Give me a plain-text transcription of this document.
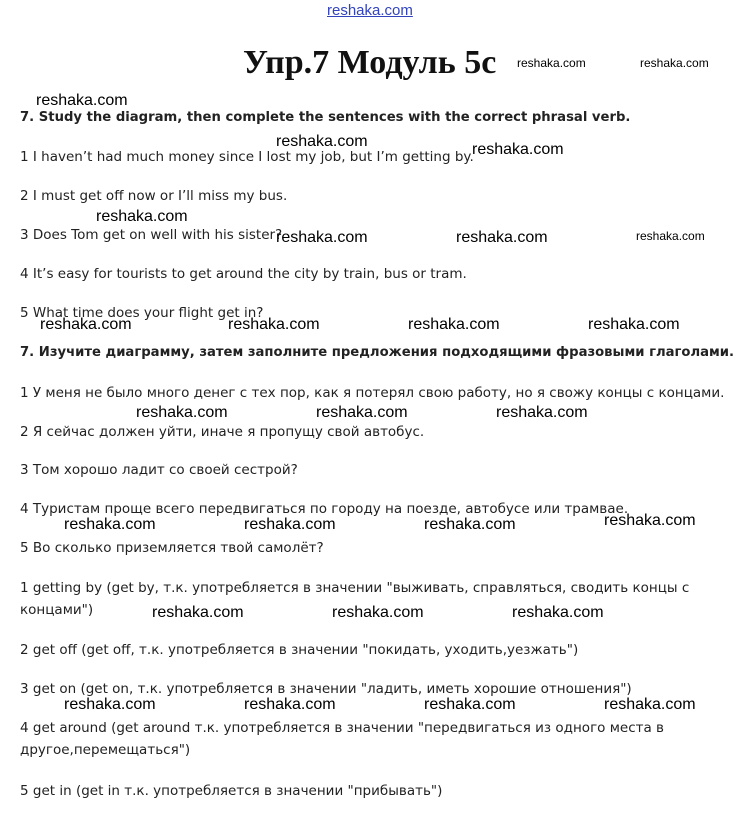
reshaka.com
Упр.7 Модуль 5с
7. Study the diagram, then complete the sentences with the correct phrasal verb.
1 I haven’t had much money since I lost my job, but I’m getting by.
2 I must get off now or I’ll miss my bus.
3 Does Tom get on well with his sister?
4 It’s easy for tourists to get around the city by train, bus or tram.
5 What time does your flight get in?
7. Изучите диаграмму, затем заполните предложения подходящими фразовыми глаголами.
1 У меня не было много денег с тех пор, как я потерял свою работу, но я свожу концы с концами.
2 Я сейчас должен уйти, иначе я пропущу свой автобус.
3 Том хорошо ладит со своей сестрой?
4 Туристам проще всего передвигаться по городу на поезде, автобусе или трамвае.
5 Во сколько приземляется твой самолёт?
1 getting by (get by, т.к. употребляется в значении "выживать, справляться, сводить концы с концами")
2 get off (get off, т.к. употребляется в значении "покидать, уходить,уезжать")
3 get on (get on, т.к. употребляется в значении "ладить, иметь хорошие отношения")
4 get around (get around т.к. употребляется в значении "передвигаться из одного места в другое,перемещаться")
5 get in (get in т.к. употребляется в значении "прибывать")
reshaka.com	reshaka.com
reshaka.com
reshaka.com	reshaka.com
reshaka.com
reshaka.com	reshaka.com	reshaka.com
reshaka.com	reshaka.com	reshaka.com	reshaka.com
reshaka.com	reshaka.com	reshaka.com
reshaka.com	reshaka.com	reshaka.com	reshaka.com
reshaka.com	reshaka.com	reshaka.com
reshaka.com	reshaka.com	reshaka.com	reshaka.com
